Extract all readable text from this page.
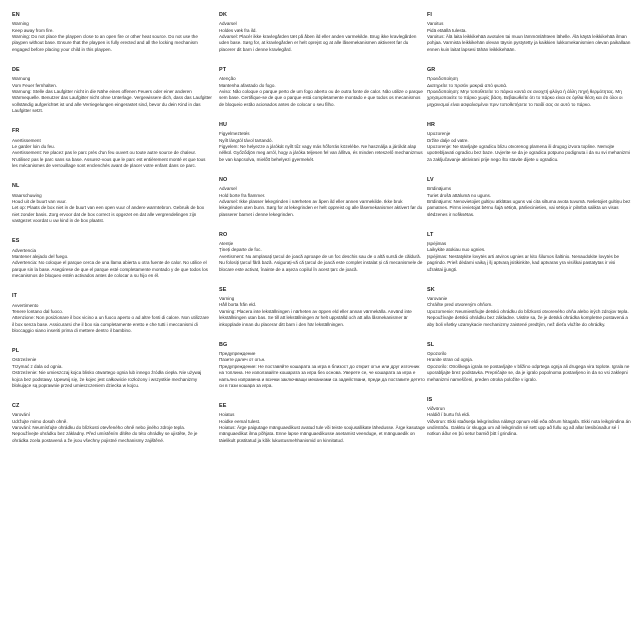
EN
Warning
Keep away from fire.
Warning: Do not place the playpen close to an open fire or other heat source. Do not use the playpen without base. Ensure that the playpen is fully erected and all the locking mechanism engaged before placing your child in this playpen.
DE
Warnung
Vom Feuer fernhalten.
Warnung: Stelle das Laufgitter nicht in die Nähe eines offenen Feuers oder einer anderen Wärmequelle. Benutzer das Laufgitter nicht ohne Unterlage. Vergewissere dich, dass das Laufgitter vollständig aufgerichtet ist und alle Verriegelungen eingerastet sind, bevor du dein Kind in das Laufgitter setzt.
FR
Avertissement
Le garder loin du feu.
Avertissement: Ne placez pas le parc près d'un feu ouvert ou toute autre source de chaleur. N'utilisez pas le parc sans sa base. Assurez-vous que le parc est entièrement monté et que tous les mécanismes de verrouillage sont enclenchés avant de placer votre enfant dans ce parc.
NL
Waarschuwing
Houd uit de buurt van vuur.
Let op: Plaats de box niet in de buurt van een open vuur of andere warmtebron. Gebruik de box niet zonder basis. Zorg ervoor dat de box correct is opgezet en dat alle vergrendelingen zijn vastgezet voordat u uw kind in de box plaatst.
ES
Advertencia
Mantener alejado del fuego.
Advertencia: No coloque el parque cerca de una llama abierta u otra fuente de calor. No utilice el parque sin la base. Asegúrese de que el parque esté completamente montado y de que todos los mecanismos de bloqueo estén activados antes de colocar a su hijo en él.
IT
Avvertimento
Tenere lontano dal fuoco.
Attenzione: Non posizionare il box vicino a un fuoco aperto o ad altre fonti di calore. Non utilizzare il box senza base. Assicurarsi che il box sia completamente eretto e che tutti i meccanismi di bloccaggio siano inseriti prima di mettere dentro il bambino.
PL
Ostrzeżenie
Trzymać z dala od ognia.
Ostrzeżenie: Nie umieszczaj kojca blisko otwartego ognia lub innego źródła ciepła. Nie używaj kojca bez podstawy. Upewnij się, że kojec jest całkowicie rozłożony i wszystkie mechanizmy blokujące są poprawnie przed umieszczeniem dziecka w kojcu.
CZ
Varování
Udržujte mimo dosah ohně.
Varování: Neumísťujte ohrádku do blízkosti otevřeného ohně nebo jiného zdroje tepla. Nepoužívejte ohrádku bez základny. Před umístěním dítěte do této ohrádky se ujistěte, že je ohrádka zcela postavená a že jsou všechny pojistné mechanismy zajištěné.
DK
Advarsel
Holdes væk fra ild.
Advarsel: Placér ikke kravlegården tæt på åben ild eller anden varmekilde. Brug ikke kravlegården uden base. Sørg for, at kravlegården er helt oprejst og at alle låsemekanismen aktiveret før du placerer dit barn i denne kravlegård.
PT
Atenção
Mantenha afastado do fogo.
Aviso: Não coloque o parque perto de um fogo aberto ou de outra fonte de calor. Não utilize o parque sem base. Certifique-se de que o parque está completamente montado e que todos os mecanismos de bloqueio estão acionados antes de colocar o seu filho.
HU
Figyelmeztetés
Nyílt lángtól távol tartandó.
Figyelem: Ne helyezze a járókát nyílt tűz vagy más hőforrás közelébe. Ne használja a járókát alap nélkül. Győződjön meg arról, hogy a járóka teljesen fel van állítva, és minden reteszelő mechanizmus be van kapcsolva, mielőtt behelyezi gyermekét.
NO
Advarsel
Hold borte fra flammer.
Advarsel: Ikke plasser lekegrinden i nærheten av åpen ild eller annen varmekilde. Ikke bruk lekegrinden uten bunn. Sørg for at lekegrinden er helt oppreist og alle låsemekanismer aktivert før du plasserer barnet i denne lekegrinden.
RO
Atenție
Țineți departe de foc.
Avertisment: Nu amplasați țarcul de joacă aproape de un foc deschis sau de o altă sursă de căldură. Nu folosiți țarcul fără bază. Asigurați-vă că țarcul de joacă este complet instalat și că mecanismele de blocare este activat, înainte de a așeza copilul în acest țarc de joacă.
SE
Varning
Håll borta från eld.
Varning: Placera inte lekställningen i närheten av öppen eld eller annan värmekälla. Använd inte lekställningen utan bas. Se till att lekställningen är helt uppställd och att alla låsmekanismer är inkopplade innan du placerar ditt barn i den här lekställningen.
BG
Предупреждение
Пазете далеч от огън.
Предупреждение: Не поставяйте кошарата за игра в близост до открит огън или друг източник на топлина. Не използвайте кошарата за игра без основа. Уверете се, че кошарата за игра е напълно изправена и всички заключващи механизми са задействани, преди да поставите детето си в тази кошара за игра.
EE
Hoiatus
Hoidke eemal tulest.
Hoiatus: Ärge paigutage mänguaedikust avatud tule või teiste soojusallikate lähedusse. Ärge kasutage mänguaedikut ilma põhjata. Enne lapse mänguaedikusse asetamist veenduge, et mänguaedik on täielikult püstitatud ja kõik lukustusmehhanismid on kinnitatud.
FI
Varoitus
Pidä etäällä tulesta.
Varoitus: Älä laita leikkikehää avotulen tai muun lämmönlähteen lähelle. Älä käytä leikkikehää ilman pohjaa. Varmista leikkikehän olevan täysin pystytetty ja kaikkien lukkomekanismien olevan paikallaan ennen kuin laitat lapsesi tähän leikkikehään.
GR
Προειδοποίηση
Διατηρείτε το προϊόν μακριά από φωτιά.
Προειδοποίηση: Μην τοποθετείτε το πάρκο κοντά σε ανοιχτή φλόγα ή άλλη πηγή θερμότητας. Μη χρησιμοποιείτε το πάρκο χωρίς βάση. Βεβαιωθείτε ότι το πάρκο είναι σε όρθια θέση και ότι όλοι οι μηχανισμοί είναι ασφαλισμένοι πριν τοποθετήσετε το παιδί σας σε αυτό το πάρκο.
HR
Upozorenje
Držite dalje od vatre.
Upozorenje: Ne stavljajte ogradicu blizu otvorenog plamena ili drugog izvora topline. Nemojte upotrebljavati ogradicu bez baze. Uvjerite se da je ogradica potpuno podignuta i da su svi mehanizmi za zaključavanje aktivirani prije nego što stavite dijete u ogradicu.
LV
Brīdinājums
Turiet drošā attālumā no uguns.
Brīdinājums: Nenovietojiet gultiņu atklātas uguns vai cita siltuma avota tuvumā. Nelietojiet gultiņu bez pamatnes. Pirms ievietojat bērnu šajā sētiņā, pārliecinieties, vai sētiņa ir pilnībā salikta un visas slēdzenes ir nofiksētas.
LT
Įspėjimas
Laikykite atokiau nuo ugnies.
Įspėjimas: Nestatykite lovytės arti atviros ugnies ar kito šilumos šaltinio. Nenaudokite lovytės be pagrindo. Prieš dėdami vaiką į šį aptvarą įsitikinkite, kad aptvaras yra visiškai pastatytas ir visi užraktai įjungti.
SK
Varovanie
Chráňte pred otvoreným ohňom.
Upozornenie: Neumiestňujte detskú ohrádku do blízkosti otvoreného ohňa alebo iných zdrojov tepla. Nepoužívajte detskú ohrádku bez základne. Uistite sa, že je detská ohrádka kompletne postavená a aby boli všetky uzamykacie mechanizmy zaistené predtým, než dieťa vložíte do ohrádky.
SL
Opozorilo
Hranite stran od ognja.
Opozorilo: Otroškega igrala ne postavljajte v bližino odprtega ognja ali drugega vira toplote. Igrala ne uporabljajte brez podstavka. Prepričajte se, da je igralo popolnoma postavljeno in da so vsi zaklepni mehanizmi nameščeni, preden otroka položite v igralo.
IS
Viðvörun
Haldið í burtu frá eldi.
Viðvörun: Ekki staðsetja leikgrindina nálægt opnum eldi eða öðrum hitagafa. Ekki nota leikgrindina án undirstöðu. Gakktu úr skugga um að leikgrindin sé sett upp að fullu og að allar læsibúnaður sé í notkun áður en þú setur barnið þitt í grindina.
